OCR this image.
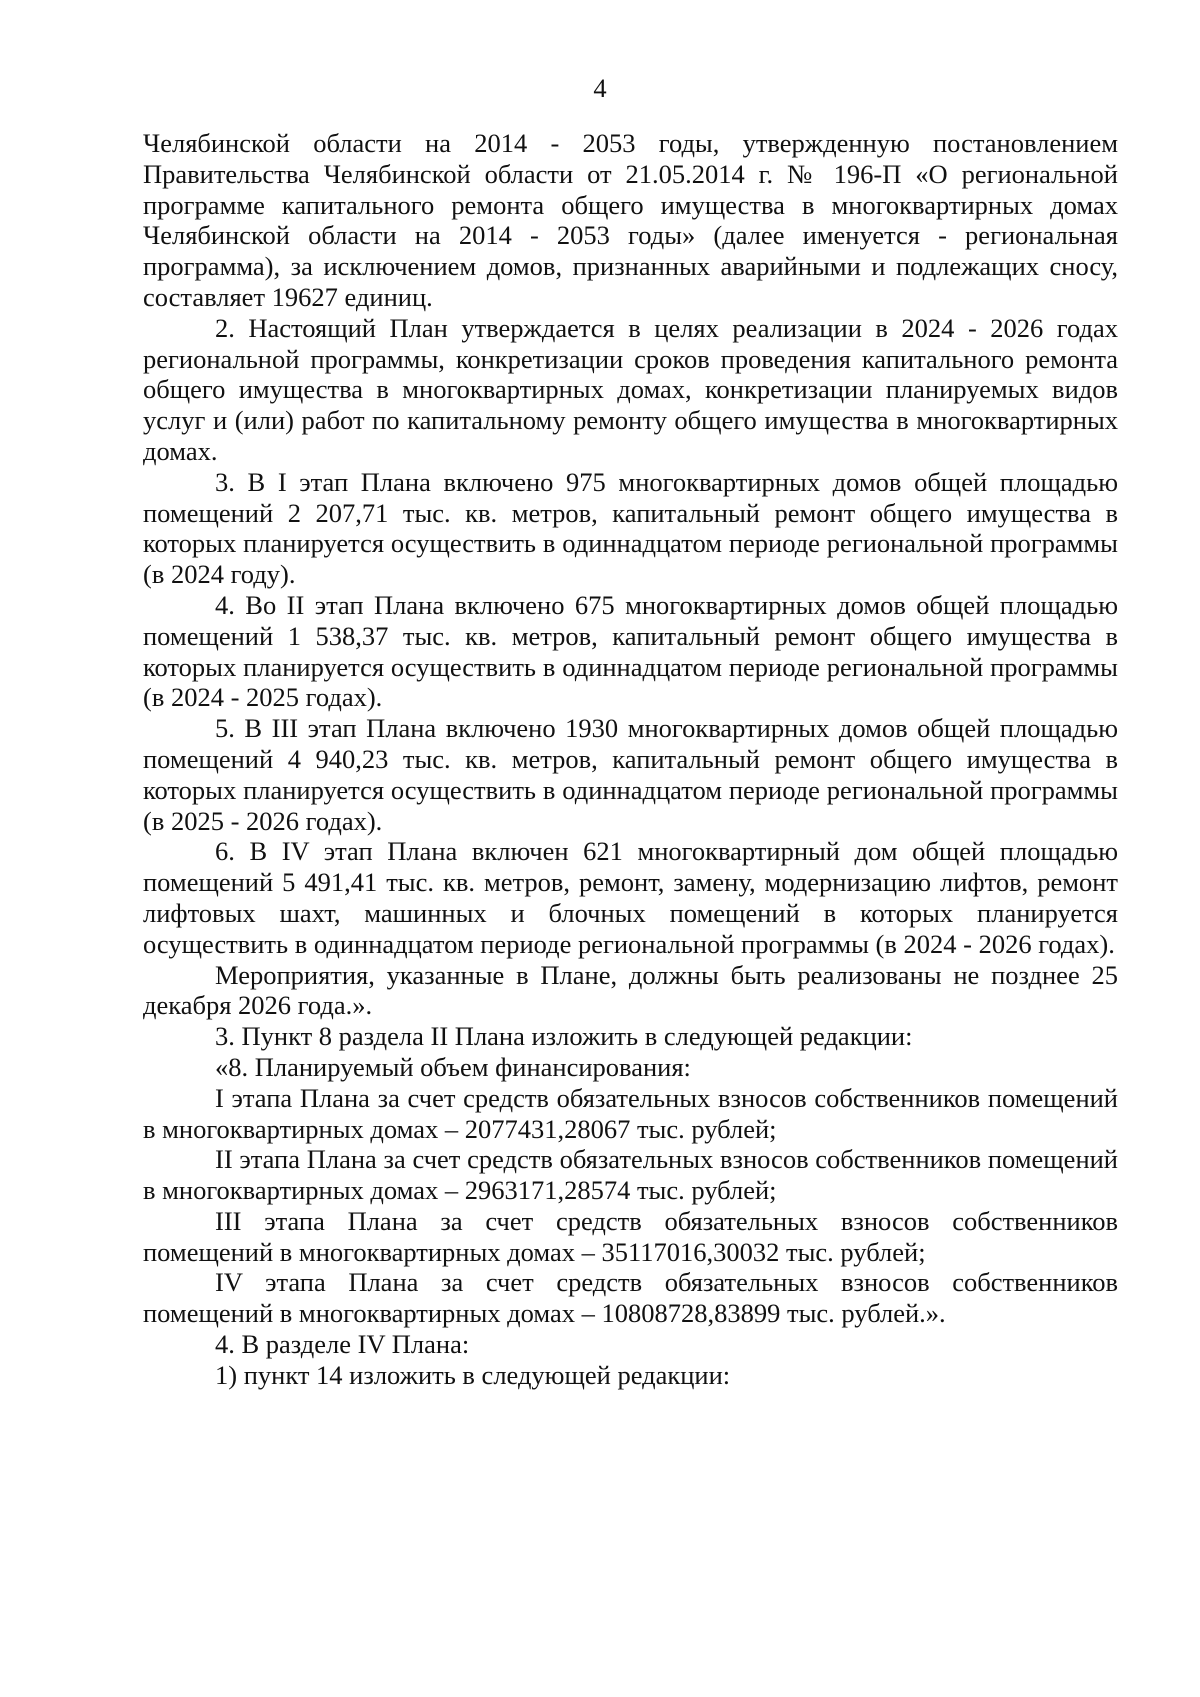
4

Челябинской области на 2014 - 2053 годы, утвержденную постановлением Правительства Челябинской области от 21.05.2014 г. № 196-П «О региональной программе капитального ремонта общего имущества в многоквартирных домах Челябинской области на 2014 - 2053 годы» (далее именуется - региональная программа), за исключением домов, признанных аварийными и подлежащих сносу, составляет 19627 единиц.

2. Настоящий План утверждается в целях реализации в 2024 - 2026 годах региональной программы, конкретизации сроков проведения капитального ремонта общего имущества в многоквартирных домах, конкретизации планируемых видов услуг и (или) работ по капитальному ремонту общего имущества в многоквартирных домах.

3. В I этап Плана включено 975 многоквартирных домов общей площадью помещений 2 207,71 тыс. кв. метров, капитальный ремонт общего имущества в которых планируется осуществить в одиннадцатом периоде региональной программы (в 2024 году).

4. Во II этап Плана включено 675 многоквартирных домов общей площадью помещений 1 538,37 тыс. кв. метров, капитальный ремонт общего имущества в которых планируется осуществить в одиннадцатом периоде региональной программы (в 2024 - 2025 годах).

5. В III этап Плана включено 1930 многоквартирных домов общей площадью помещений 4 940,23 тыс. кв. метров, капитальный ремонт общего имущества в которых планируется осуществить в одиннадцатом периоде региональной программы (в 2025 - 2026 годах).

6. В IV этап Плана включен 621 многоквартирный дом общей площадью помещений 5 491,41 тыс. кв. метров, ремонт, замену, модернизацию лифтов, ремонт лифтовых шахт, машинных и блочных помещений в которых планируется осуществить в одиннадцатом периоде региональной программы (в 2024 - 2026 годах).

Мероприятия, указанные в Плане, должны быть реализованы не позднее 25 декабря 2026 года.».

3. Пункт 8 раздела II Плана изложить в следующей редакции:

«8. Планируемый объем финансирования:

I этапа Плана за счет средств обязательных взносов собственников помещений в многоквартирных домах – 2077431,28067 тыс. рублей;

II этапа Плана за счет средств обязательных взносов собственников помещений в многоквартирных домах – 2963171,28574 тыс. рублей;

III этапа Плана за счет средств обязательных взносов собственников помещений в многоквартирных домах – 35117016,30032 тыс. рублей;

IV этапа Плана за счет средств обязательных взносов собственников помещений в многоквартирных домах – 10808728,83899 тыс. рублей.».

4. В разделе IV Плана:

1) пункт 14 изложить в следующей редакции:
